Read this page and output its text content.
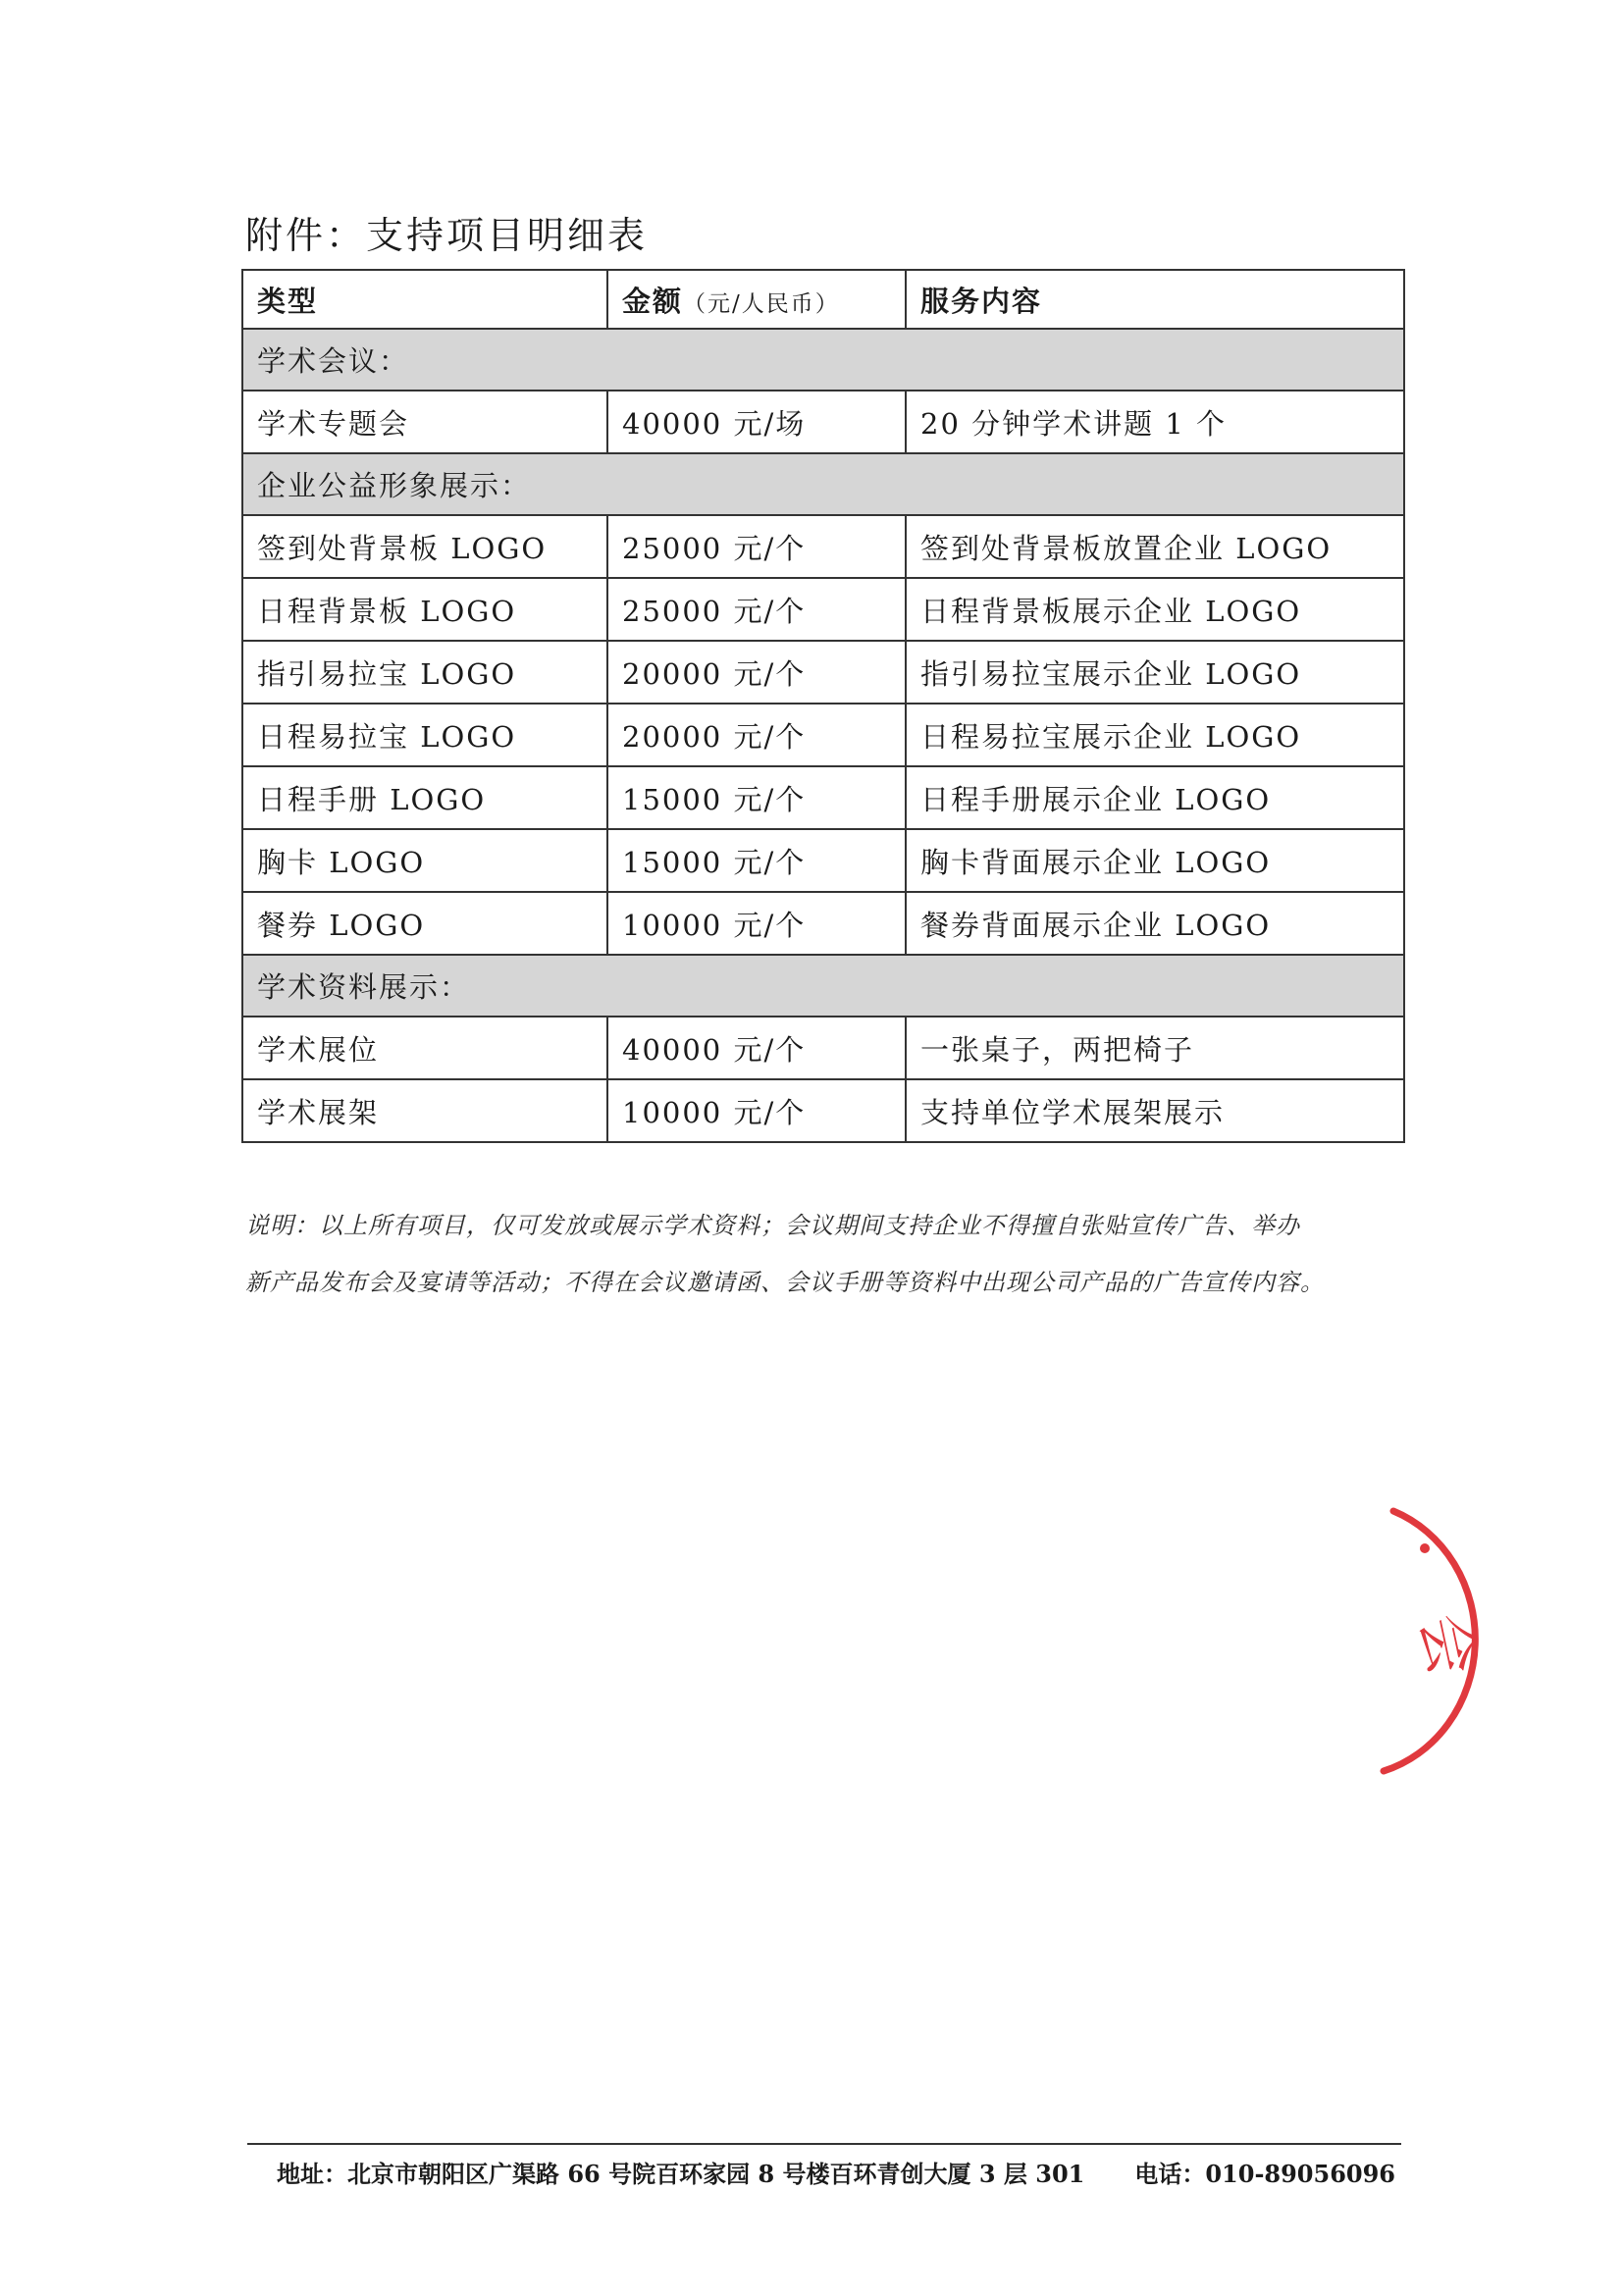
附件：支持项目明细表
类型	金额（元/人民币）	服务内容
学术会议：		
学术专题会	40000 元/场	20 分钟学术讲题 1 个
企业公益形象展示：		
签到处背景板 LOGO	25000 元/个	签到处背景板放置企业 LOGO
日程背景板 LOGO	25000 元/个	日程背景板展示企业 LOGO
指引易拉宝 LOGO	20000 元/个	指引易拉宝展示企业 LOGO
日程易拉宝 LOGO	20000 元/个	日程易拉宝展示企业 LOGO
日程手册 LOGO	15000 元/个	日程手册展示企业 LOGO
胸卡 LOGO	15000 元/个	胸卡背面展示企业 LOGO
餐券 LOGO	10000 元/个	餐券背面展示企业 LOGO
学术资料展示：		
学术展位	40000 元/个	一张桌子，两把椅子
学术展架	10000 元/个	支持单位学术展架展示
说明：以上所有项目，仅可发放或展示学术资料；会议期间支持企业不得擅自张贴宣传广告、举办
新产品发布会及宴请等活动；不得在会议邀请函、会议手册等资料中出现公司产品的广告宣传内容。
会
地址：北京市朝阳区广渠路 66 号院百环家园 8 号楼百环青创大厦 3 层 301 电话：010-89056096
